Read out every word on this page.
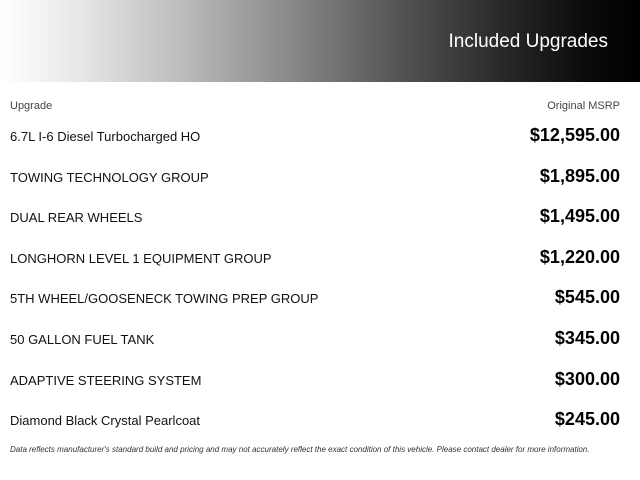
Included Upgrades
Upgrade	Original MSRP
6.7L I-6 Diesel Turbocharged HO	$12,595.00
TOWING TECHNOLOGY GROUP	$1,895.00
DUAL REAR WHEELS	$1,495.00
LONGHORN LEVEL 1 EQUIPMENT GROUP	$1,220.00
5TH WHEEL/GOOSENECK TOWING PREP GROUP	$545.00
50 GALLON FUEL TANK	$345.00
ADAPTIVE STEERING SYSTEM	$300.00
Diamond Black Crystal Pearlcoat	$245.00
Data reflects manufacturer's standard build and pricing and may not accurately reflect the exact condition of this vehicle. Please contact dealer for more information.
